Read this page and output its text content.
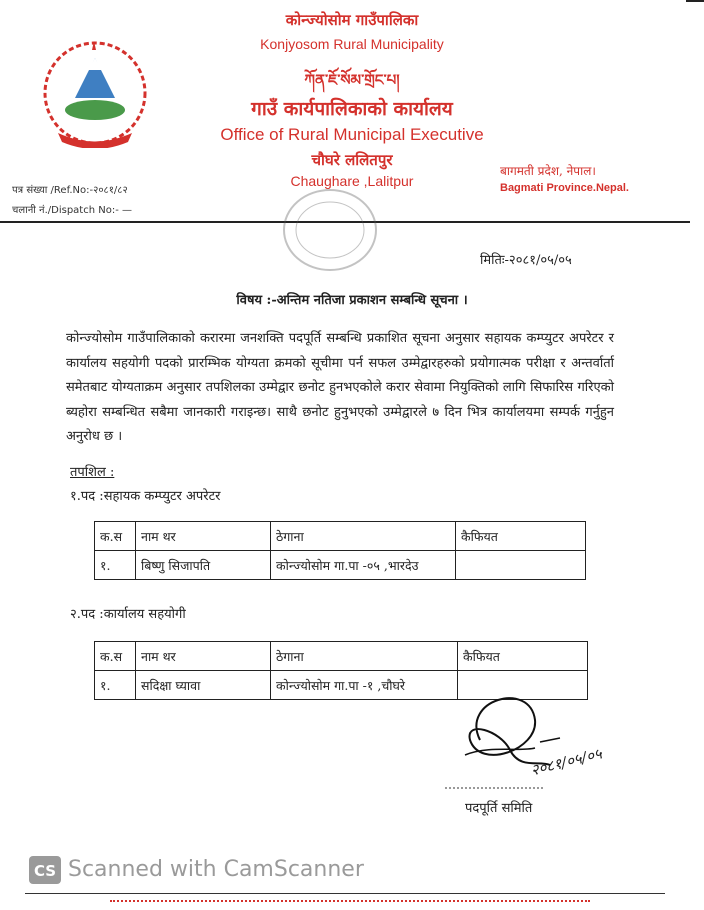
कोन्ज्योसोम गाउँपालिका
Konjyosom Rural Municipality
ཀོན་ཇོ་སོམ་གྲོང་པ།
गाउँ कार्यपालिकाको कार्यालय
Office of Rural Municipal Executive
चौघरे ललितपुर
Chaughare ,Lalitpur
पत्र संख्या /Ref.No:-२०८१/८२
चलानी नं./Dispatch No:- —
बागमती प्रदेश, नेपाल।
Bagmati Province.Nepal.
मितिः-२०८१/०५/०५
विषय :-अन्तिम नतिजा प्रकाशन सम्बन्धि सूचना ।
कोन्ज्योसोम गाउँपालिकाको करारमा जनशक्ति पदपूर्ति सम्बन्धि प्रकाशित सूचना अनुसार सहायक कम्प्युटर अपरेटर र कार्यालय सहयोगी पदको प्रारम्भिक योग्यता क्रमको सूचीमा पर्न सफल उम्मेद्वारहरुको प्रयोगात्मक परीक्षा र अन्तर्वार्ता समेतबाट योग्यताक्रम अनुसार तपशिलका उम्मेद्वार छनोट हुनभएकोले करार सेवामा नियुक्तिको लागि सिफारिस गरिएको ब्यहोरा सम्बन्धित सबैमा जानकारी गराइन्छ। साथै छनोट हुनुभएको उम्मेद्वारले ७ दिन भित्र कार्यालयमा सम्पर्क गर्नुहुन अनुरोध छ ।
तपशिल :
१.पद :सहायक कम्प्युटर अपरेटर
क.स	नाम थर	ठेगाना	कैफियत
१.	बिष्णु सिजापति	कोन्ज्योसोम गा.पा -०५ ,भारदेउ	
२.पद :कार्यालय सहयोगी
क.स	नाम थर	ठेगाना	कैफियत
१.	सदिक्षा घ्यावा	कोन्ज्योसोम गा.पा -१ ,चौघरे	
२०८१/०५/०५
पदपूर्ति समिति
CS Scanned with CamScanner
